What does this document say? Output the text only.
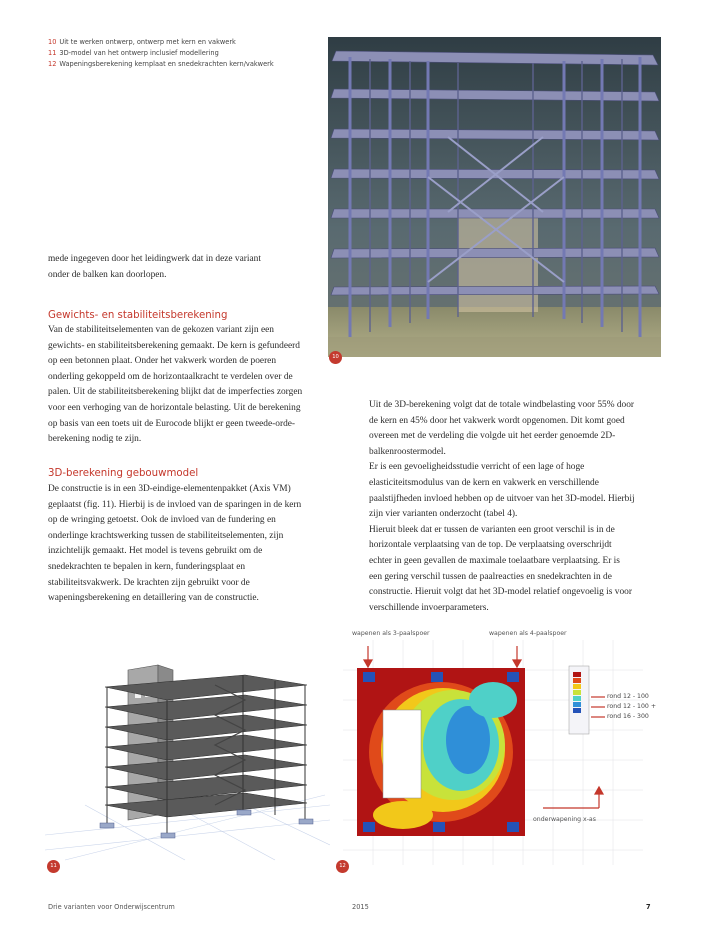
10 Uit te werken ontwerp, ontwerp met kern en vakwerk
11 3D-model van het ontwerp inclusief modellering
12 Wapeningsberekening kernplaat en snedekrachten kern/vakwerk
10
mede ingegeven door het leidingwerk dat in deze variant onder de balken kan doorlopen.
Gewichts- en stabiliteitsberekening
Van de stabiliteitselementen van de gekozen variant zijn een gewichts- en stabiliteitsberekening gemaakt. De kern is gefundeerd op een betonnen plaat. Onder het vakwerk worden de poeren onderling gekoppeld om de horizontaalkracht te verdelen over de palen. Uit de stabiliteitsberekening blijkt dat de imperfecties zorgen voor een verhoging van de horizontale belasting. Uit de berekening op basis van een toets uit de Eurocode blijkt er geen tweede-orde-berekening nodig te zijn.
3D-berekening gebouwmodel
De constructie is in een 3D-eindige-elementenpakket (Axis VM) geplaatst (fig. 11). Hierbij is de invloed van de sparingen in de kern op de wringing getoetst. Ook de invloed van de fundering en onderlinge krachtswerking tussen de stabiliteitselementen, zijn inzichtelijk gemaakt. Het model is tevens gebruikt om de snedekrachten te bepalen in kern, funderingsplaat en stabiliteitsvakwerk. De krachten zijn gebruikt voor de wapeningsberekening en detaillering van de constructie.
Uit de 3D-berekening volgt dat de totale windbelasting voor 55% door de kern en 45% door het vakwerk wordt opgenomen. Dit komt goed overeen met de verdeling die volgde uit het eerder genoemde 2D-balkenroostermodel.
Er is een gevoeligheidsstudie verricht of een lage of hoge elasticiteitsmodulus van de kern en vakwerk en verschillende paalstijfheden invloed hebben op de uitvoer van het 3D-model. Hierbij zijn vier varianten onderzocht (tabel 4).
Hieruit bleek dat er tussen de varianten een groot verschil is in de horizontale verplaatsing van de top. De verplaatsing overschrijdt echter in geen gevallen de maximale toelaatbare verplaatsing. Er is een gering verschil tussen de paalreacties en snedekrachten in de constructie. Hieruit volgt dat het 3D-model relatief ongevoelig is voor verschillende invoerparameters.
11
wapenen als 3-paalspoer	wapenen als 4-paalspoer
rond 12 - 100
rond 12 - 100 +
rond 16 - 300
onderwapening x-as
12
Drie varianten voor Onderwijscentrum	2015	7
